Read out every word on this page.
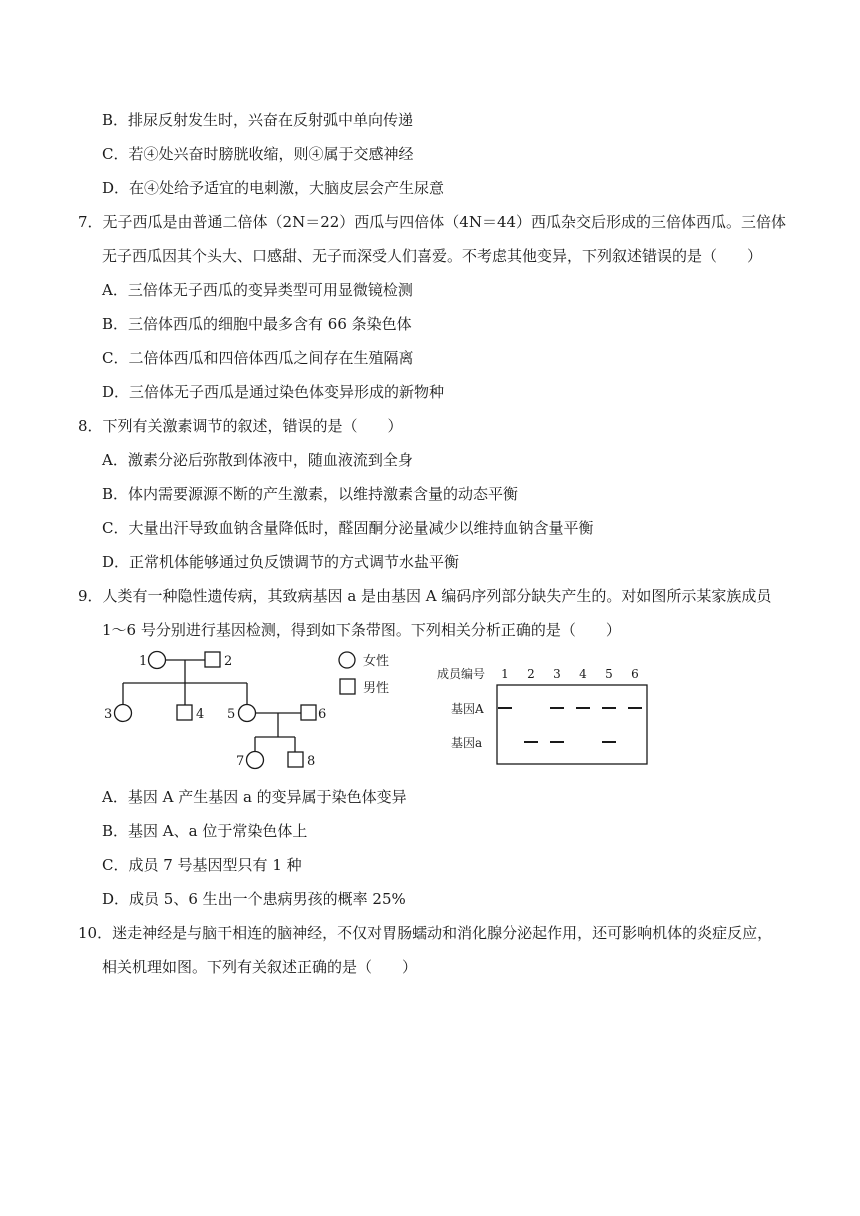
B．排尿反射发生时，兴奋在反射弧中单向传递
C．若④处兴奋时膀胱收缩，则④属于交感神经
D．在④处给予适宜的电刺激，大脑皮层会产生尿意
7．无子西瓜是由普通二倍体（2N＝22）西瓜与四倍体（4N＝44）西瓜杂交后形成的三倍体西瓜。三倍体
无子西瓜因其个头大、口感甜、无子而深受人们喜爱。不考虑其他变异，下列叙述错误的是（　　）
A．三倍体无子西瓜的变异类型可用显微镜检测
B．三倍体西瓜的细胞中最多含有 66 条染色体
C．二倍体西瓜和四倍体西瓜之间存在生殖隔离
D．三倍体无子西瓜是通过染色体变异形成的新物种
8．下列有关激素调节的叙述，错误的是（　　）
A．激素分泌后弥散到体液中，随血液流到全身
B．体内需要源源不断的产生激素，以维持激素含量的动态平衡
C．大量出汗导致血钠含量降低时，醛固酮分泌量减少以维持血钠含量平衡
D．正常机体能够通过负反馈调节的方式调节水盐平衡
9．人类有一种隐性遗传病，其致病基因 a 是由基因 A 编码序列部分缺失产生的。对如图所示某家族成员
1～6 号分别进行基因检测，得到如下条带图。下列相关分析正确的是（　　）
1	2
3	4 5	6
7	8
女性
男性
成员编号 1 2 3 4 5 6
基因A
基因a
A．基因 A 产生基因 a 的变异属于染色体变异
B．基因 A、a 位于常染色体上
C．成员 7 号基因型只有 1 种
D．成员 5、6 生出一个患病男孩的概率 25%
10．迷走神经是与脑干相连的脑神经，不仅对胃肠蠕动和消化腺分泌起作用，还可影响机体的炎症反应，
相关机理如图。下列有关叙述正确的是（　　）
